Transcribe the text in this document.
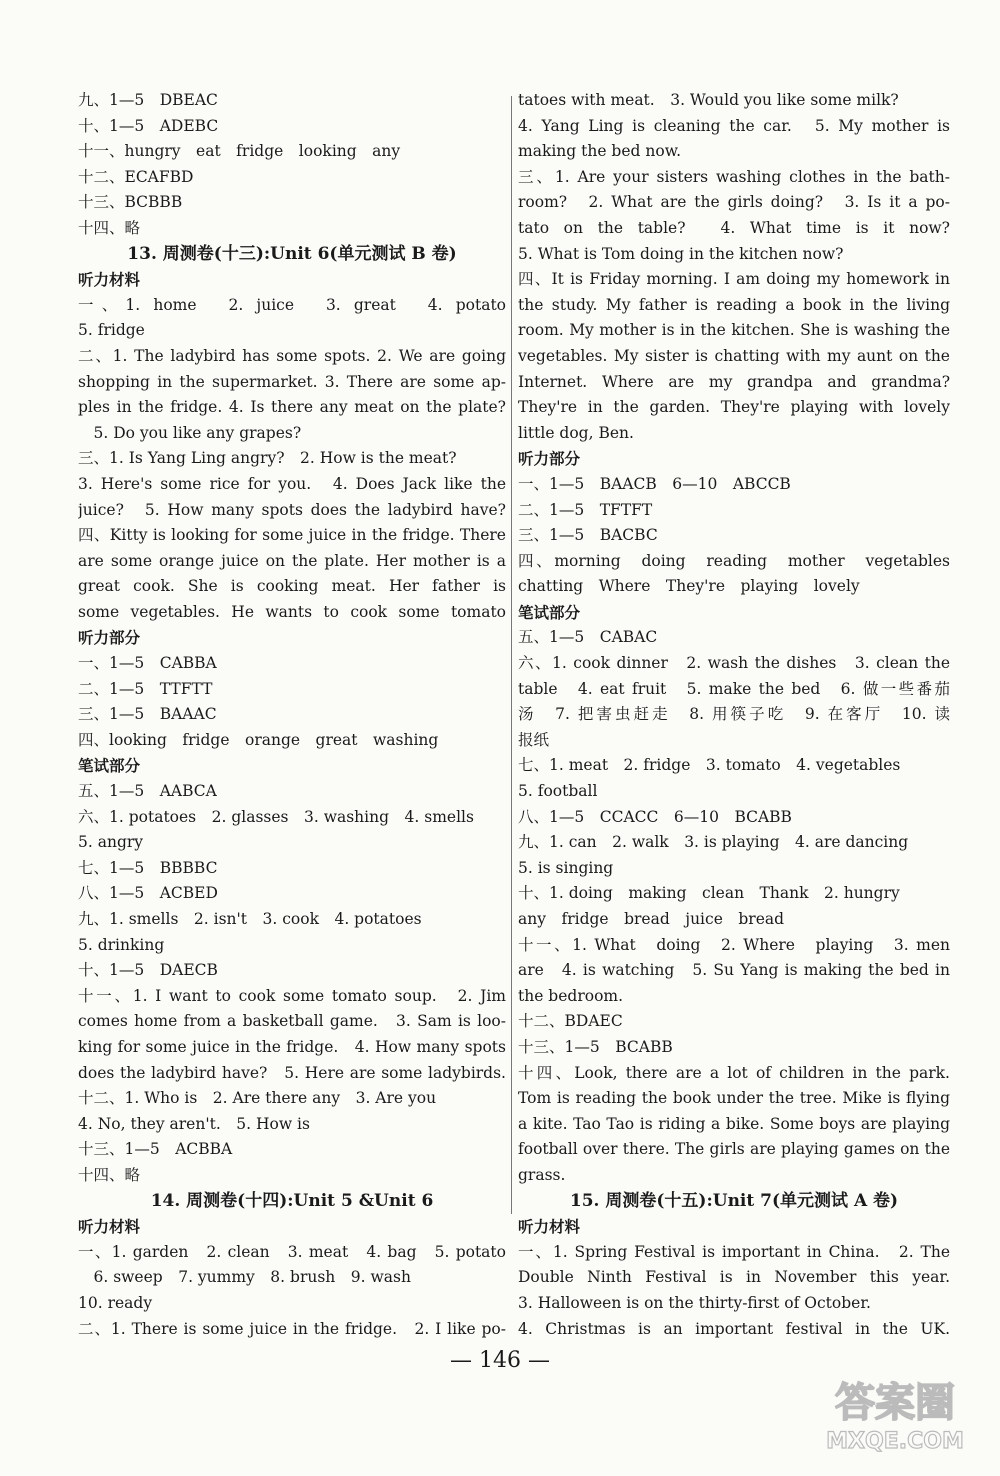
九、1—5　DBEAC
十、1—5　ADEBC
十一、hungry　eat　fridge　looking　any
十二、ECAFBD
十三、BCBBB
十四、略
13. 周测卷(十三):Unit 6(单元测试 B 卷)
听力材料
一、1. home　2. juice　3. great　4. potato
5. fridge
二、1. The ladybird has some spots. 2. We are going
shopping in the supermarket. 3. There are some ap-
ples in the fridge. 4. Is there any meat on the plate?
　5. Do you like any grapes?
三、1. Is Yang Ling angry?　2. How is the meat?
3. Here's some rice for you.　4. Does Jack like the
juice?　5. How many spots does the ladybird have?
四、Kitty is looking for some juice in the fridge. There
are some orange juice on the plate. Her mother is a
great cook. She is cooking meat. Her father is
some vegetables. He wants to cook some tomato
听力部分
一、1—5　CABBA
二、1—5　TTFTT
三、1—5　BAAAC
四、looking　fridge　orange　great　washing
笔试部分
五、1—5　AABCA
六、1. potatoes　2. glasses　3. washing　4. smells
5. angry
七、1—5　BBBBC
八、1—5　ACBED
九、1. smells　2. isn't　3. cook　4. potatoes
5. drinking
十、1—5　DAECB
十一、1. I want to cook some tomato soup.　2. Jim
comes home from a basketball game.　3. Sam is loo-
king for some juice in the fridge.　4. How many spots
does the ladybird have?　5. Here are some ladybirds.
十二、1. Who is　2. Are there any　3. Are you
4. No, they aren't.　5. How is
十三、1—5　ACBBA
十四、略
14. 周测卷(十四):Unit 5 &Unit 6
听力材料
一、1. garden　2. clean　3. meat　4. bag　5. potato
　6. sweep　7. yummy　8. brush　9. wash
10. ready
二、1. There is some juice in the fridge.　2. I like po-
tatoes with meat.　3. Would you like some milk?
4. Yang Ling is cleaning the car.　5. My mother is
making the bed now.
三、1. Are your sisters washing clothes in the bath-
room?　2. What are the girls doing?　3. Is it a po-
tato on the table?　4. What time is it now?
5. What is Tom doing in the kitchen now?
四、It is Friday morning. I am doing my homework in
the study. My father is reading a book in the living
room. My mother is in the kitchen. She is washing the
vegetables. My sister is chatting with my aunt on the
Internet. Where are my grandpa and grandma?
They're in the garden. They're playing with lovely
little dog, Ben.
听力部分
一、1—5　BAACB　6—10　ABCCB
二、1—5　TFTFT
三、1—5　BACBC
四、morning　doing　reading　mother　vegetables
chatting　Where　They're　playing　lovely
笔试部分
五、1—5　CABAC
六、1. cook dinner　2. wash the dishes　3. clean the
table　4. eat fruit　5. make the bed　6. 做一些番茄
汤　7. 把害虫赶走　8. 用筷子吃　9. 在客厅　10. 读
报纸
七、1. meat　2. fridge　3. tomato　4. vegetables
5. football
八、1—5　CCACC　6—10　BCABB
九、1. can　2. walk　3. is playing　4. are dancing
5. is singing
十、1. doing　making　clean　Thank　2. hungry
any　fridge　bread　juice　bread
十一、1. What　doing　2. Where　playing　3. men
are　4. is watching　5. Su Yang is making the bed in
the bedroom.
十二、BDAEC
十三、1—5　BCABB
十四、Look, there are a lot of children in the park.
Tom is reading the book under the tree. Mike is flying
a kite. Tao Tao is riding a bike. Some boys are playing
football over there. The girls are playing games on the
grass.
15. 周测卷(十五):Unit 7(单元测试 A 卷)
听力材料
一、1. Spring Festival is important in China.　2. The
Double Ninth Festival is in November this year.
3. Halloween is on the thirty-first of October.
4. Christmas is an important festival in the UK.
— 146 —
答案圈
MXQE.COM
